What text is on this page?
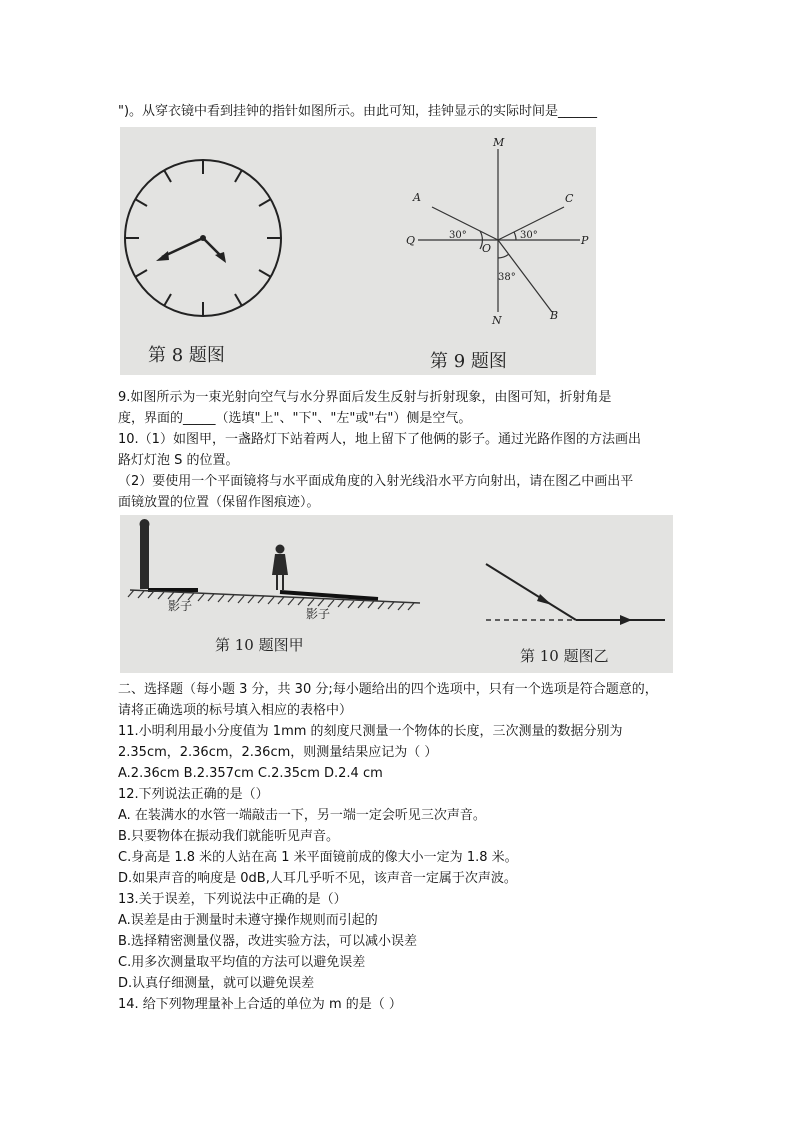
")。从穿衣镜中看到挂钟的指针如图所示。由此可知，挂钟显示的实际时间是______
第 8 题图
M
N
A
B
C
O
P
Q	30°	30°
38°
第 9 题图
9.如图所示为一束光射向空气与水分界面后发生反射与折射现象，由图可知，折射角是
度，界面的_____（选填"上"、"下"、"左"或"右"）侧是空气。
10.（1）如图甲，一盏路灯下站着两人，地上留下了他俩的影子。通过光路作图的方法画出
路灯灯泡 S 的位置。
（2）要使用一个平面镜将与水平面成角度的入射光线沿水平方向射出，请在图乙中画出平
面镜放置的位置（保留作图痕迹）。
影子
影子
第 10 题图甲
第 10 题图乙
二、选择题（每小题 3 分，共 30 分;每小题给出的四个选项中，只有一个选项是符合题意的，
请将正确选项的标号填入相应的表格中）
11.小明利用最小分度值为 1mm 的刻度尺测量一个物体的长度，三次测量的数据分别为
2.35cm，2.36cm，2.36cm，则测量结果应记为（ ）
A.2.36cm B.2.357cm C.2.35cm D.2.4 cm
12.下列说法正确的是（）
A. 在装满水的水管一端敲击一下，另一端一定会听见三次声音。
B.只要物体在振动我们就能听见声音。
C.身高是 1.8 米的人站在高 1 米平面镜前成的像大小一定为 1.8 米。
D.如果声音的响度是 0dB,人耳几乎听不见，该声音一定属于次声波。
13.关于误差，下列说法中正确的是（）
A.误差是由于测量时未遵守操作规则而引起的
B.选择精密测量仪器，改进实验方法，可以减小误差
C.用多次测量取平均值的方法可以避免误差
D.认真仔细测量，就可以避免误差
14. 给下列物理量补上合适的单位为 m 的是（ ）
